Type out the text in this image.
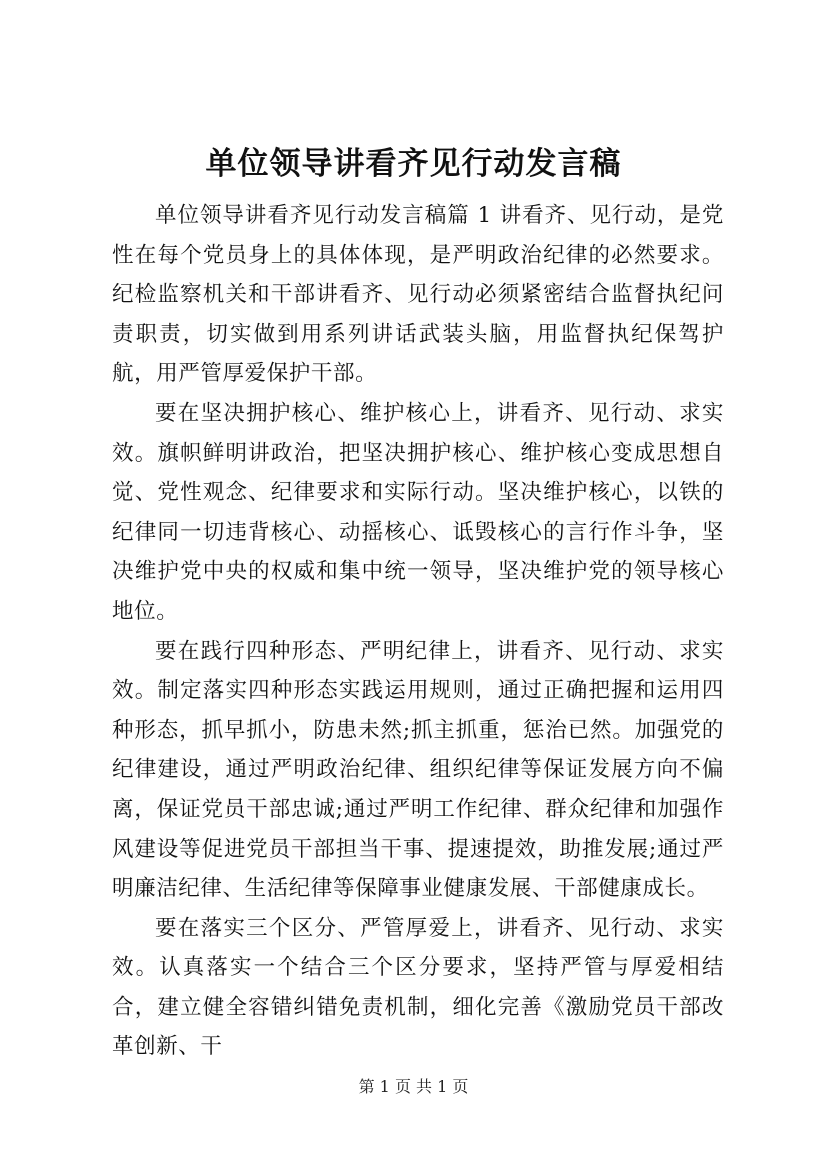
单位领导讲看齐见行动发言稿

单位领导讲看齐见行动发言稿篇 1 讲看齐、见行动，是党性在每个党员身上的具体体现，是严明政治纪律的必然要求。纪检监察机关和干部讲看齐、见行动必须紧密结合监督执纪问责职责，切实做到用系列讲话武装头脑，用监督执纪保驾护航，用严管厚爱保护干部。

要在坚决拥护核心、维护核心上，讲看齐、见行动、求实效。旗帜鲜明讲政治，把坚决拥护核心、维护核心变成思想自觉、党性观念、纪律要求和实际行动。坚决维护核心，以铁的纪律同一切违背核心、动摇核心、诋毁核心的言行作斗争，坚决维护党中央的权威和集中统一领导，坚决维护党的领导核心地位。

要在践行四种形态、严明纪律上，讲看齐、见行动、求实效。制定落实四种形态实践运用规则，通过正确把握和运用四种形态，抓早抓小，防患未然;抓主抓重，惩治已然。加强党的纪律建设，通过严明政治纪律、组织纪律等保证发展方向不偏离，保证党员干部忠诚;通过严明工作纪律、群众纪律和加强作风建设等促进党员干部担当干事、提速提效，助推发展;通过严明廉洁纪律、生活纪律等保障事业健康发展、干部健康成长。

要在落实三个区分、严管厚爱上，讲看齐、见行动、求实效。认真落实一个结合三个区分要求，坚持严管与厚爱相结合，建立健全容错纠错免责机制，细化完善《激励党员干部改革创新、干

第 1 页 共 1 页
